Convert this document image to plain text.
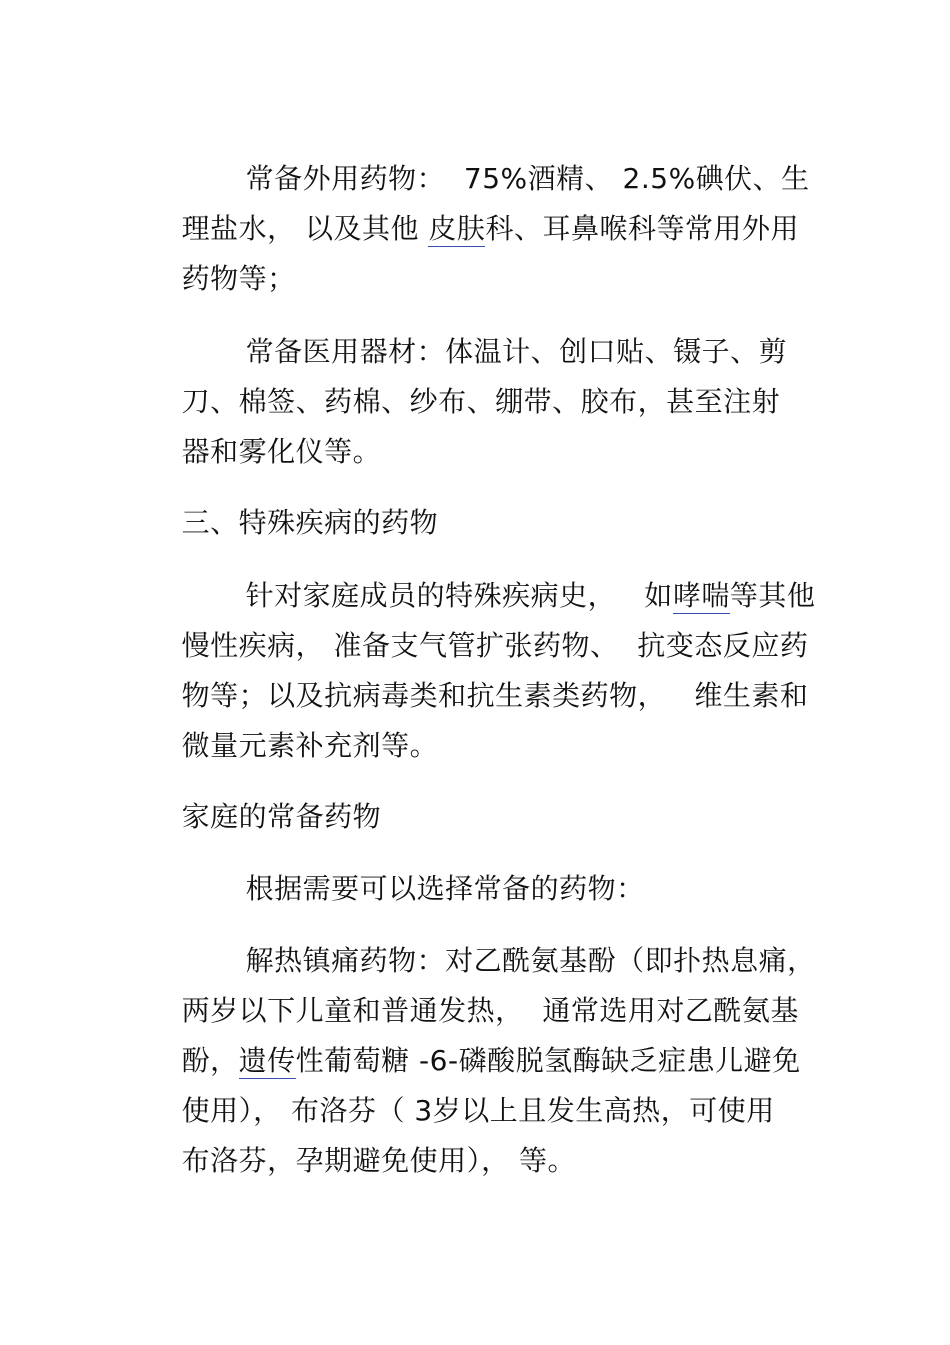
常备外用药物：  75%酒精、 2.5%碘伏、生

理盐水， 以及其他 皮肤科、耳鼻喉科等常用外用

药物等；

常备医用器材：体温计、创口贴、镊子、剪

刀、棉签、药棉、纱布、绷带、胶布，甚至注射

器和雾化仪等。

三、特殊疾病的药物

针对家庭成员的特殊疾病史，   如哮喘等其他

慢性疾病， 准备支气管扩张药物、  抗变态反应药

物等；以及抗病毒类和抗生素类药物，   维生素和

微量元素补充剂等。

家庭的常备药物

根据需要可以选择常备的药物：

解热镇痛药物：对乙酰氨基酚（即扑热息痛，

两岁以下儿童和普通发热，  通常选用对乙酰氨基

酚，遗传性葡萄糖 -6-磷酸脱氢酶缺乏症患儿避免

使用）， 布洛芬（ 3岁以上且发生高热，可使用

布洛芬，孕期避免使用）， 等。
